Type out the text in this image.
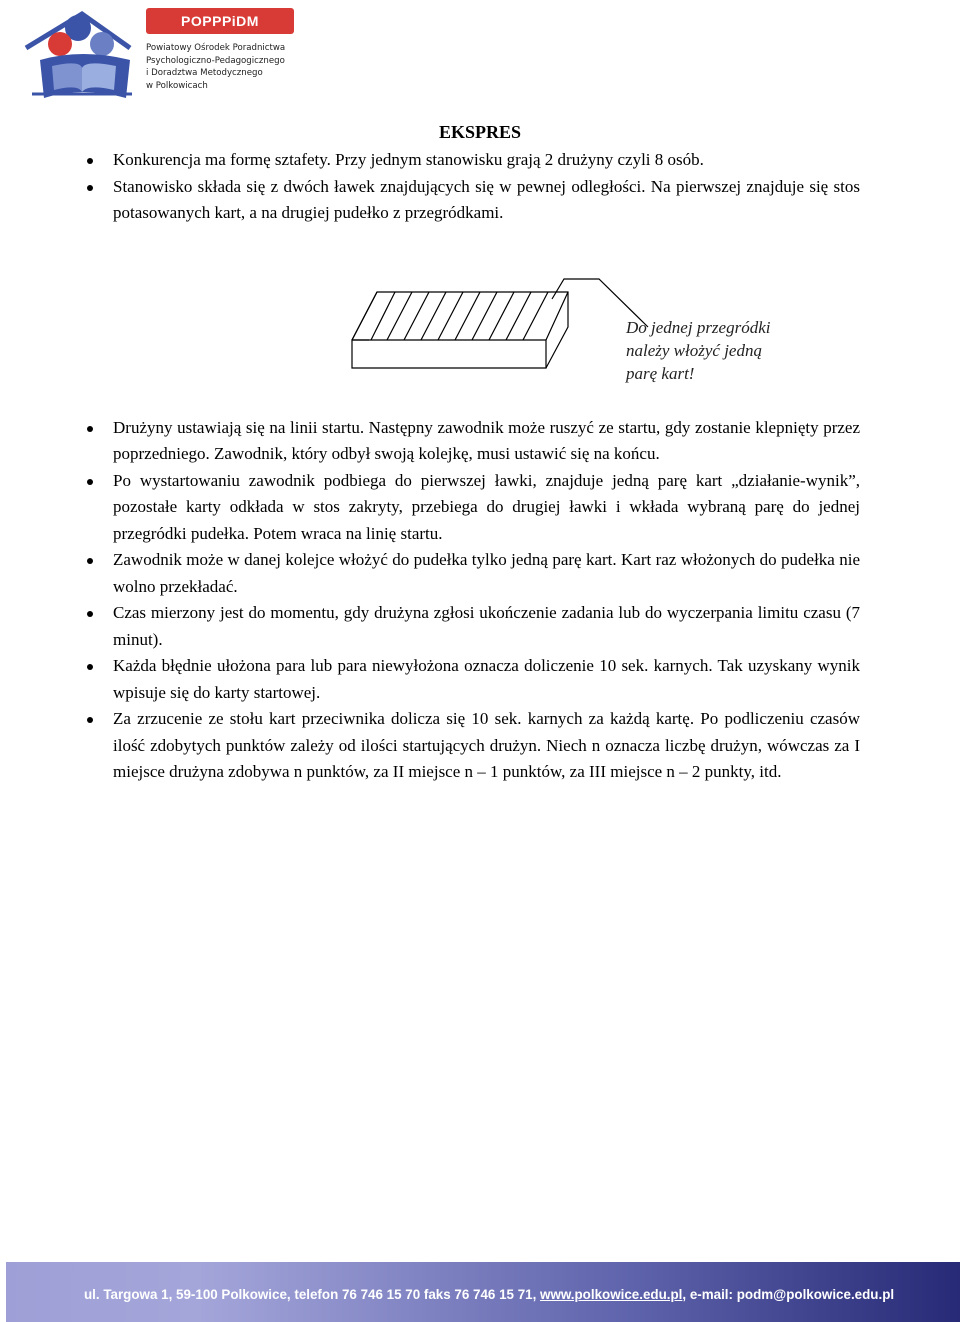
POPPPiDM
Powiatowy Ośrodek Poradnictwa
Psychologiczno-Pedagogicznego
i Doradztwa Metodycznego
w Polkowicach
EKSPRES

Konkurencja ma formę sztafety. Przy jednym stanowisku grają 2 drużyny czyli 8 osób.

Stanowisko składa się z dwóch ławek znajdujących się w pewnej odległości. Na pierwszej znajduje się stos potasowanych kart, a na drugiej pudełko z przegródkami.

Do jednej przegródki
należy włożyć jedną
parę kart!

Drużyny ustawiają się na linii startu. Następny zawodnik może ruszyć ze startu, gdy zostanie klepnięty przez poprzedniego. Zawodnik, który odbył swoją kolejkę, musi ustawić się na końcu.

Po wystartowaniu zawodnik podbiega do pierwszej ławki, znajduje jedną parę kart „działanie-wynik”, pozostałe karty odkłada w stos zakryty, przebiega do drugiej ławki i wkłada wybraną parę do jednej przegródki pudełka. Potem wraca na linię startu.

Zawodnik może w danej kolejce włożyć do pudełka tylko jedną parę kart. Kart raz włożonych do pudełka nie wolno przekładać.

Czas mierzony jest do momentu, gdy drużyna zgłosi ukończenie zadania lub do wyczerpania limitu czasu (7 minut).

Każda błędnie ułożona para lub para niewyłożona oznacza doliczenie 10 sek. karnych. Tak uzyskany wynik wpisuje się do karty startowej.

Za zrzucenie ze stołu kart przeciwnika dolicza się 10 sek. karnych za każdą kartę. Po podliczeniu czasów ilość zdobytych punktów zależy od ilości startujących drużyn. Niech n oznacza liczbę drużyn, wówczas za I miejsce drużyna zdobywa n punktów, za II miejsce n – 1 punktów, za III miejsce n – 2 punkty, itd.

ul. Targowa 1, 59-100 Polkowice, telefon 76 746 15 70 faks 76 746 15 71, www.polkowice.edu.pl, e-mail: podm@polkowice.edu.pl
